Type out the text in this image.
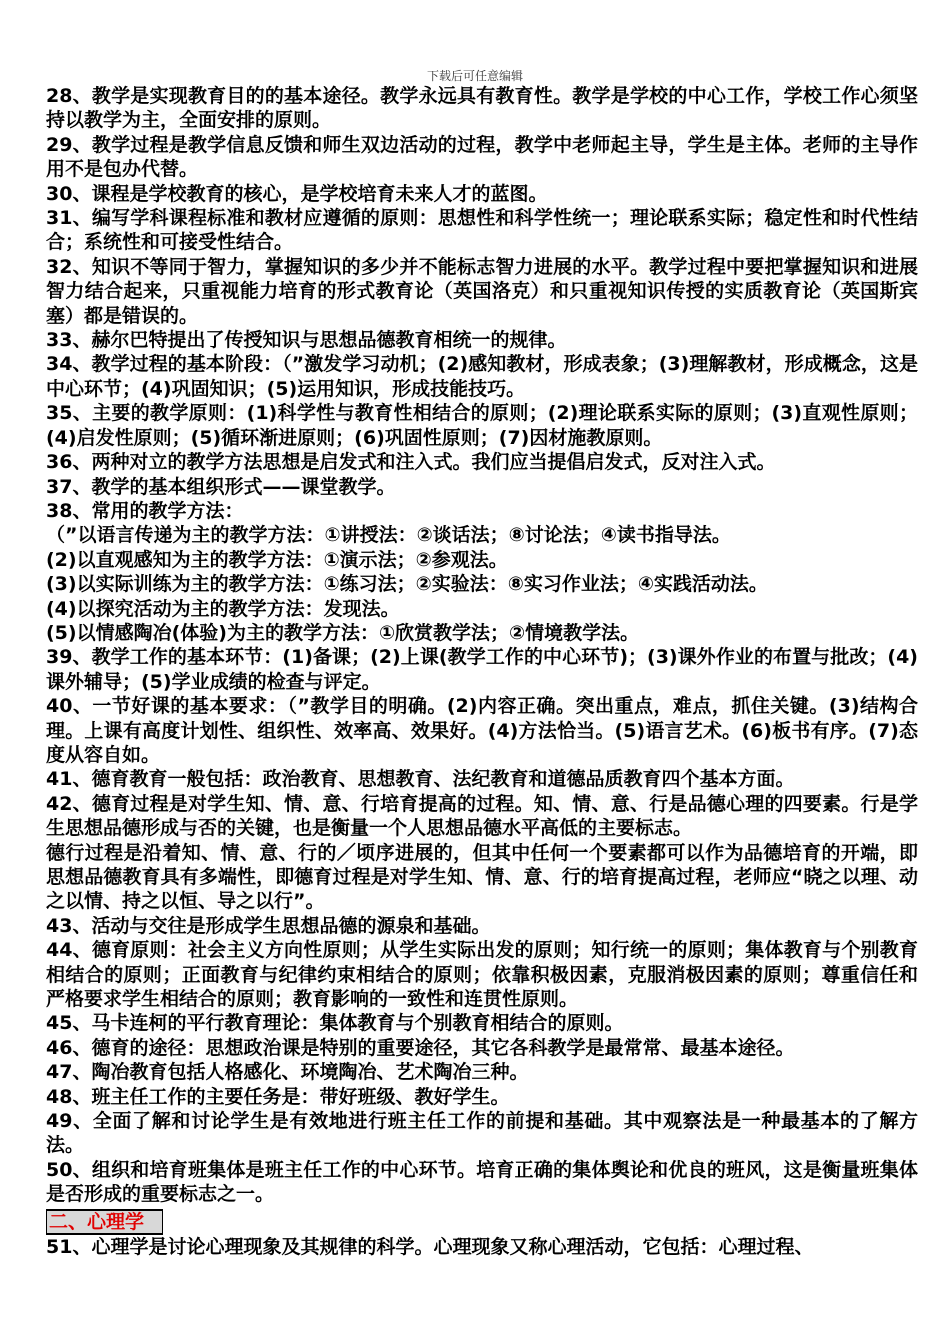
下载后可任意编辑

28、教学是实现教育目的的基本途径。教学永远具有教育性。教学是学校的中心工作，学校工作心须坚持以教学为主，全面安排的原则。

29、教学过程是教学信息反馈和师生双边活动的过程，教学中老师起主导，学生是主体。老师的主导作用不是包办代替。

30、课程是学校教育的核心，是学校培育未来人才的蓝图。

31、编写学科课程标准和教材应遵循的原则：思想性和科学性统一；理论联系实际；稳定性和时代性结合；系统性和可接受性结合。

32、知识不等同于智力，掌握知识的多少并不能标志智力进展的水平。教学过程中要把掌握知识和进展智力结合起来，只重视能力培育的形式教育论（英国洛克）和只重视知识传授的实质教育论（英国斯宾塞）都是错误的。

33、赫尔巴特提出了传授知识与思想品德教育相统一的规律。

34、教学过程的基本阶段：（”激发学习动机；(2)感知教材，形成表象；(3)理解教材，形成概念，这是中心环节；(4)巩固知识；(5)运用知识，形成技能技巧。

35、主要的教学原则：(1)科学性与教育性相结合的原则；(2)理论联系实际的原则；(3)直观性原则；(4)启发性原则；(5)循环渐进原则；(6)巩固性原则；(7)因材施教原则。

36、两种对立的教学方法思想是启发式和注入式。我们应当提倡启发式，反对注入式。

37、教学的基本组织形式——课堂教学。

38、常用的教学方法：

（”以语言传递为主的教学方法：①讲授法：②谈话法；⑧讨论法；④读书指导法。

(2)以直观感知为主的教学方法：①演示法；②参观法。

(3)以实际训练为主的教学方法：①练习法；②实验法：⑧实习作业法；④实践活动法。

(4)以探究活动为主的教学方法：发现法。

(5)以情感陶冶(体验)为主的教学方法：①欣赏教学法；②情境教学法。

39、教学工作的基本环节：(1)备课；(2)上课(教学工作的中心环节)；(3)课外作业的布置与批改；(4)课外辅导；(5)学业成绩的检查与评定。

40、一节好课的基本要求：（”教学目的明确。(2)内容正确。突出重点，难点，抓住关键。(3)结构合理。上课有高度计划性、组织性、效率高、效果好。(4)方法恰当。(5)语言艺术。(6)板书有序。(7)态度从容自如。

41、德育教育一般包括：政治教育、思想教育、法纪教育和道德品质教育四个基本方面。

42、德育过程是对学生知、情、意、行培育提高的过程。知、情、意、行是品德心理的四要素。行是学生思想品德形成与否的关键，也是衡量一个人思想品德水平高低的主要标志。

德行过程是沿着知、情、意、行的／顷序进展的，但其中任何一个要素都可以作为品德培育的开端，即思想品德教育具有多端性，即德育过程是对学生知、情、意、行的培育提高过程，老师应“晓之以理、动之以情、持之以恒、导之以行”。

43、活动与交往是形成学生思想品德的源泉和基础。

44、德育原则：社会主义方向性原则；从学生实际出发的原则；知行统一的原则；集体教育与个别教育相结合的原则；正面教育与纪律约束相结合的原则；依靠积极因素，克服消极因素的原则；尊重信任和严格要求学生相结合的原则；教育影响的一致性和连贯性原则。

45、马卡连柯的平行教育理论：集体教育与个别教育相结合的原则。

46、德育的途径：思想政治课是特别的重要途径，其它各科教学是最常常、最基本途径。

47、陶冶教育包括人格感化、环境陶冶、艺术陶冶三种。

48、班主任工作的主要任务是：带好班级、教好学生。

49、全面了解和讨论学生是有效地进行班主任工作的前提和基础。其中观察法是一种最基本的了解方法。

50、组织和培育班集体是班主任工作的中心环节。培育正确的集体舆论和优良的班风，这是衡量班集体是否形成的重要标志之一。

二、心理学

51、心理学是讨论心理现象及其规律的科学。心理现象又称心理活动，它包括：心理过程、
